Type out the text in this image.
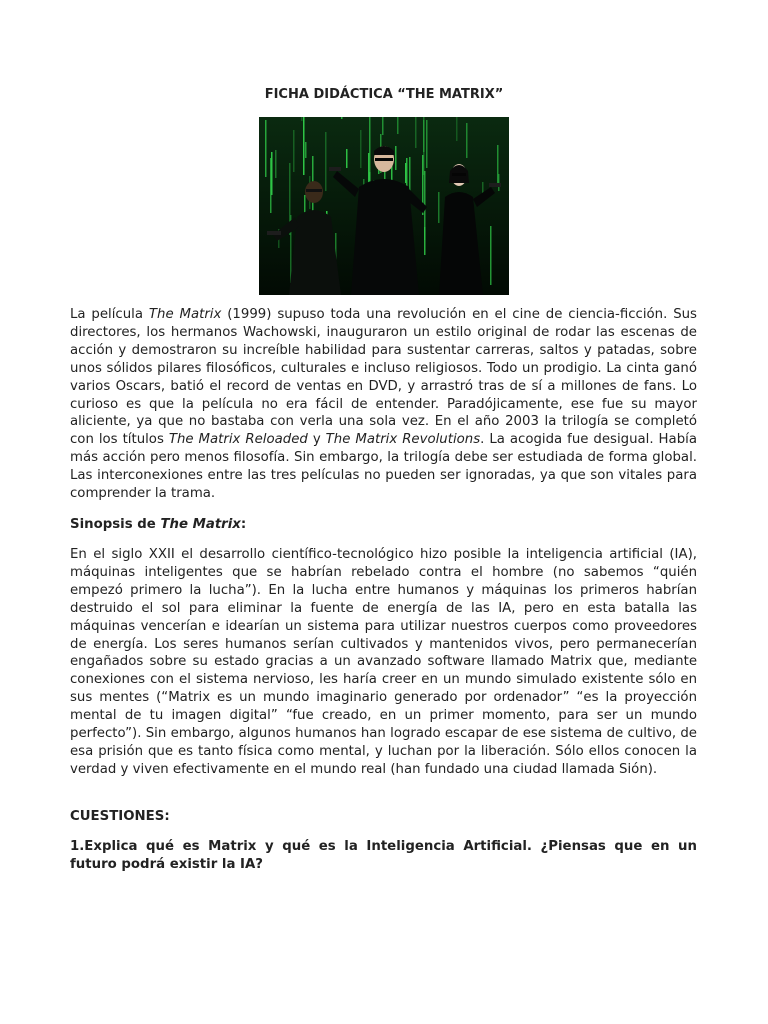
FICHA DIDÁCTICA “THE MATRIX”

La película The Matrix (1999) supuso toda una revolución en el cine de ciencia-ficción. Sus directores, los hermanos Wachowski, inauguraron un estilo original de rodar las escenas de acción y demostraron su increíble habilidad para sustentar carreras, saltos y patadas, sobre unos sólidos pilares filosóficos, culturales e incluso religiosos. Todo un prodigio. La cinta ganó varios Oscars, batió el record de ventas en DVD, y arrastró tras de sí a millones de fans. Lo curioso es que la película no era fácil de entender. Paradójicamente, ese fue su mayor aliciente, ya que no bastaba con verla una sola vez. En el año 2003 la trilogía se completó con los títulos The Matrix Reloaded y The Matrix Revolutions. La acogida fue desigual. Había más acción pero menos filosofía. Sin embargo, la trilogía debe ser estudiada de forma global. Las interconexiones entre las tres películas no pueden ser ignoradas, ya que son vitales para comprender la trama.

Sinopsis de The Matrix:

En el siglo XXII el desarrollo científico-tecnológico hizo posible la inteligencia artificial (IA), máquinas inteligentes que se habrían rebelado contra el hombre (no sabemos “quién empezó primero la lucha”). En la lucha entre humanos y máquinas los primeros habrían destruido el sol para eliminar la fuente de energía de las IA, pero en esta batalla las máquinas vencerían e idearían un sistema para utilizar nuestros cuerpos como proveedores de energía. Los seres humanos serían cultivados y mantenidos vivos, pero permanecerían engañados sobre su estado gracias a un avanzado software llamado Matrix que, mediante conexiones con el sistema nervioso, les haría creer en un mundo simulado existente sólo en sus mentes (“Matrix es un mundo imaginario generado por ordenador” “es la proyección mental de tu imagen digital” “fue creado, en un primer momento, para ser un mundo perfecto”). Sin embargo, algunos humanos han logrado escapar de ese sistema de cultivo, de esa prisión que es tanto física como mental, y luchan por la liberación. Sólo ellos conocen la verdad y viven efectivamente en el mundo real (han fundado una ciudad llamada Sión).

CUESTIONES:
1.Explica qué es Matrix y qué es la Inteligencia Artificial. ¿Piensas que en un futuro podrá existir la IA?
